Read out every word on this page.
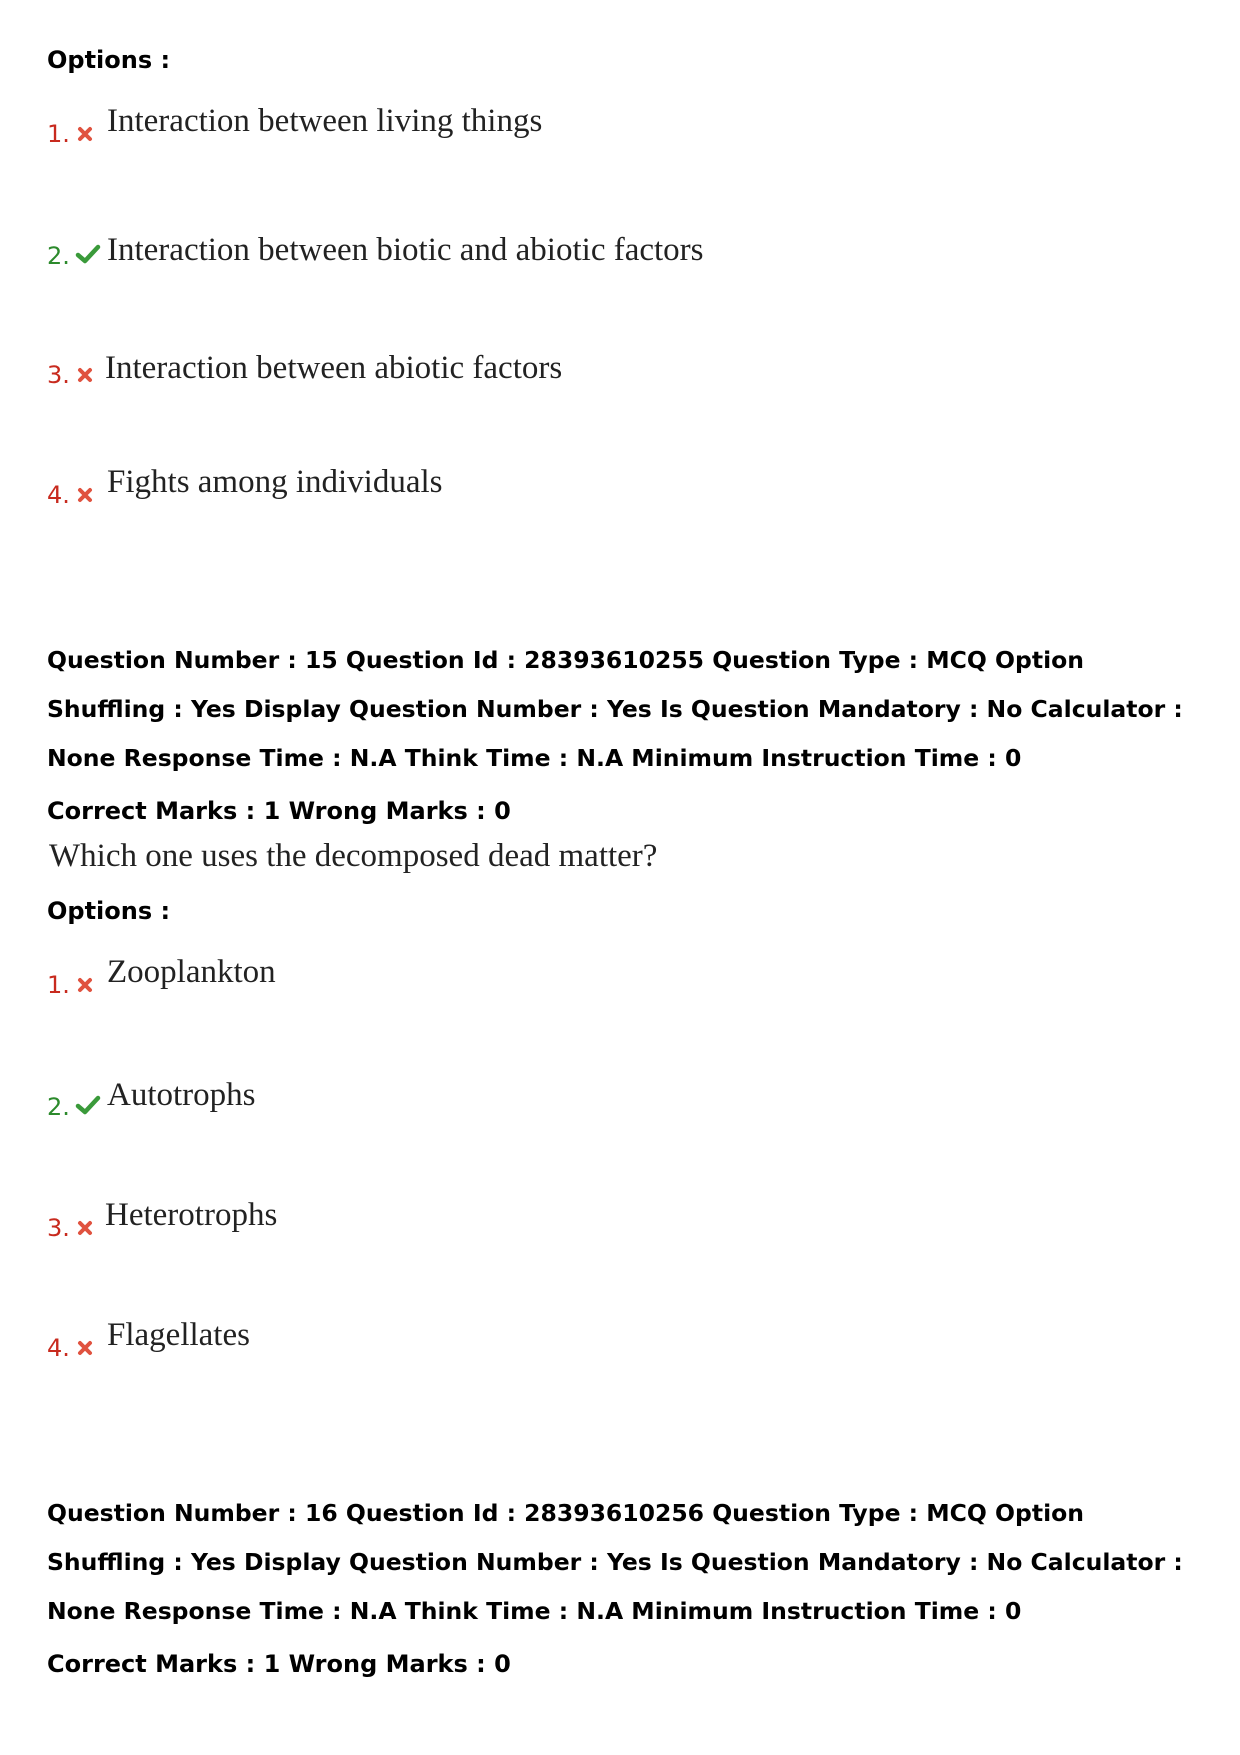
Options :
1. Interaction between living things
2. Interaction between biotic and abiotic factors
3. Interaction between abiotic factors
4. Fights among individuals

Question Number : 15 Question Id : 28393610255 Question Type : MCQ Option Shuffling : Yes Display Question Number : Yes Is Question Mandatory : No Calculator : None Response Time : N.A Think Time : N.A Minimum Instruction Time : 0

Correct Marks : 1 Wrong Marks : 0
Which one uses the decomposed dead matter?
Options :
1. Zooplankton
2. Autotrophs
3. Heterotrophs
4. Flagellates

Question Number : 16 Question Id : 28393610256 Question Type : MCQ Option Shuffling : Yes Display Question Number : Yes Is Question Mandatory : No Calculator : None Response Time : N.A Think Time : N.A Minimum Instruction Time : 0

Correct Marks : 1 Wrong Marks : 0
